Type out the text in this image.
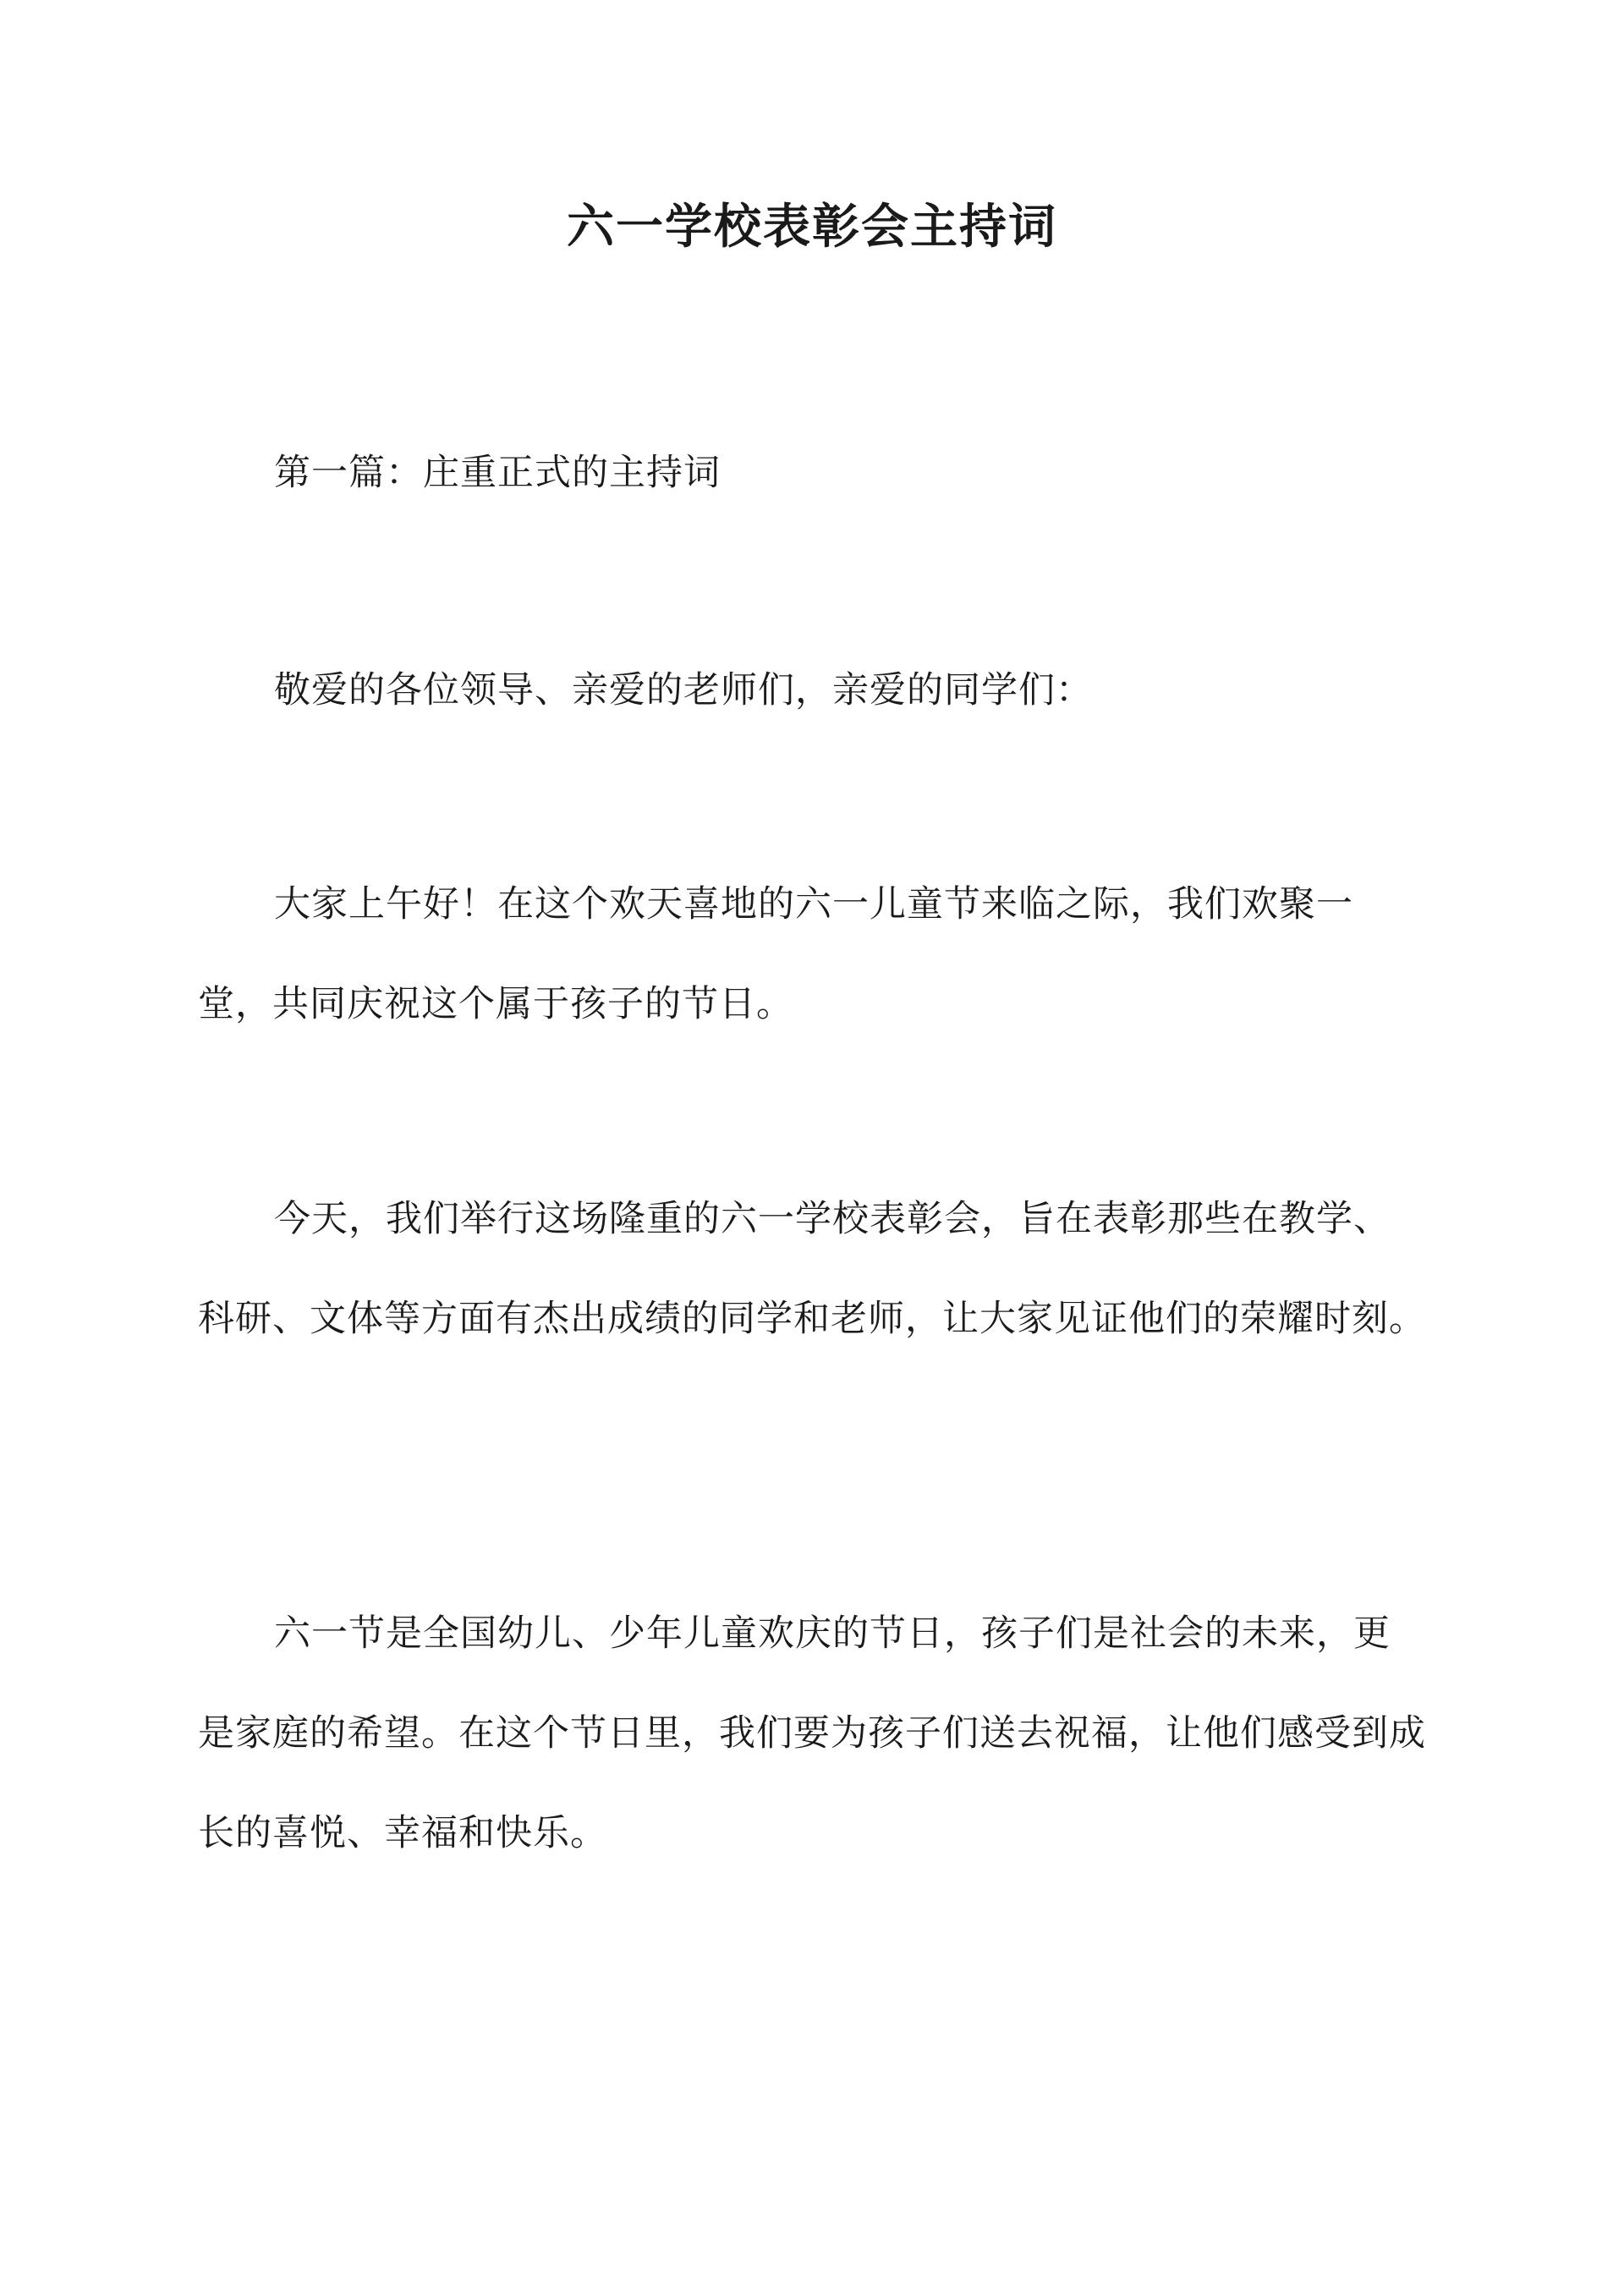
六一学校表彰会主持词

第一篇：庄重正式的主持词

敬爱的各位领导、亲爱的老师们，亲爱的同学们：

大家上午好！在这个欢天喜地的六一儿童节来临之际，我们欢聚一堂，共同庆祝这个属于孩子的节日。

今天，我们举行这场隆重的六一学校表彰会，旨在表彰那些在教学、科研、文体等方面有杰出成绩的同学和老师，让大家见证他们的荣耀时刻。

六一节是全国幼儿、少年儿童欢庆的节日，孩子们是社会的未来，更是家庭的希望。在这个节日里，我们要为孩子们送去祝福，让他们感受到成长的喜悦、幸福和快乐。
